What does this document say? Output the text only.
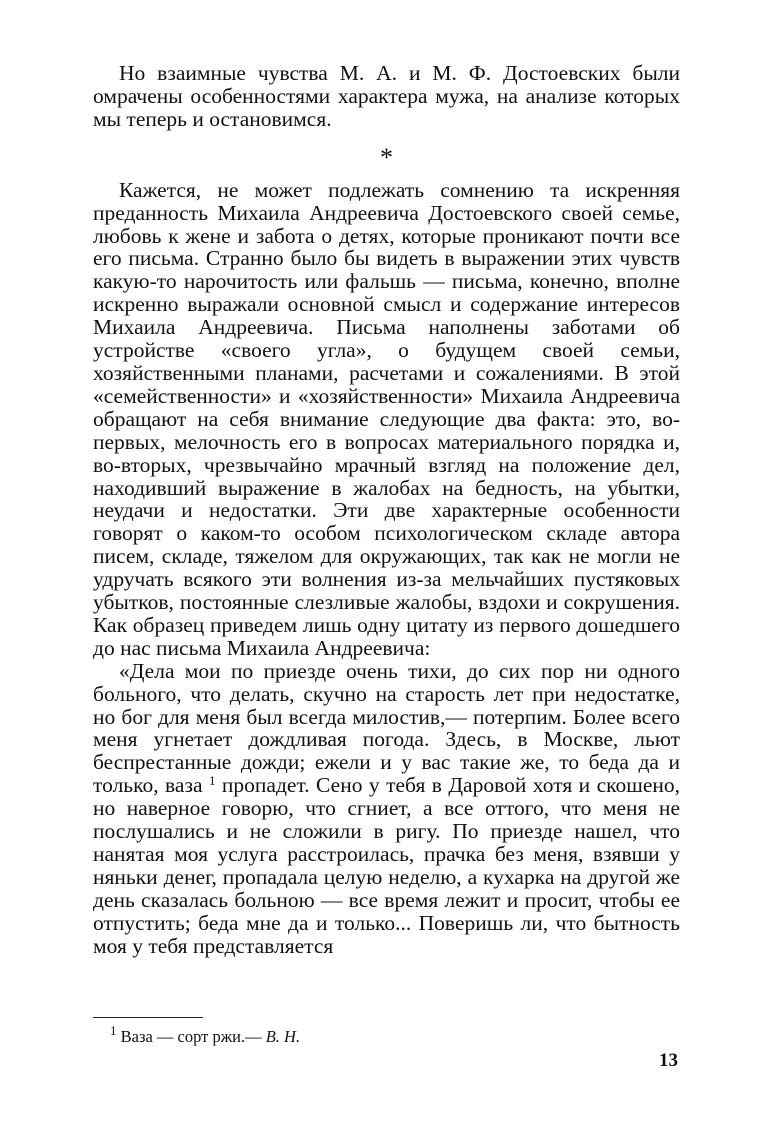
Но взаимные чувства М. А. и М. Ф. Достоевских были омрачены особенностями характера мужа, на анализе которых мы теперь и остановимся.

*

Кажется, не может подлежать сомнению та искренняя преданность Михаила Андреевича Достоевского своей семье, любовь к жене и забота о детях, которые проникают почти все его письма. Странно было бы видеть в выражении этих чувств какую-то нарочитость или фальшь — письма, конечно, вполне искренно выражали основной смысл и содержание интересов Михаила Андреевича. Письма наполнены заботами об устройстве «своего угла», о будущем своей семьи, хозяйственными планами, расчетами и сожалениями. В этой «семейственности» и «хозяйственности» Михаила Андреевича обращают на себя внимание следующие два факта: это, во-первых, мелочность его в вопросах материального порядка и, во-вторых, чрезвычайно мрачный взгляд на положение дел, находивший выражение в жалобах на бедность, на убытки, неудачи и недостатки. Эти две характерные особенности говорят о каком-то особом психологическом складе автора писем, складе, тяжелом для окружающих, так как не могли не удручать всякого эти волнения из-за мельчайших пустяковых убытков, постоянные слезливые жалобы, вздохи и сокрушения. Как образец приведем лишь одну цитату из первого дошедшего до нас письма Михаила Андреевича:

«Дела мои по приезде очень тихи, до сих пор ни одного больного, что делать, скучно на старость лет при недостатке, но бог для меня был всегда милостив,— потерпим. Более всего меня угнетает дождливая погода. Здесь, в Москве, льют беспрестанные дожди; ежели и у вас такие же, то беда да и только, ваза $^1$ пропадет. Сено у тебя в Даровой хотя и скошено, но наверное говорю, что сгниет, а все оттого, что меня не послушались и не сложили в ригу. По приезде нашел, что нанятая моя услуга расстроилась, прачка без меня, взявши у няньки денег, пропадала целую неделю, а кухарка на другой же день сказалась больною — все время лежит и просит, чтобы ее отпустить; беда мне да и только... Поверишь ли, что бытность моя у тебя представляется

$^1$ Ваза — сорт ржи.— В. Н.
13
